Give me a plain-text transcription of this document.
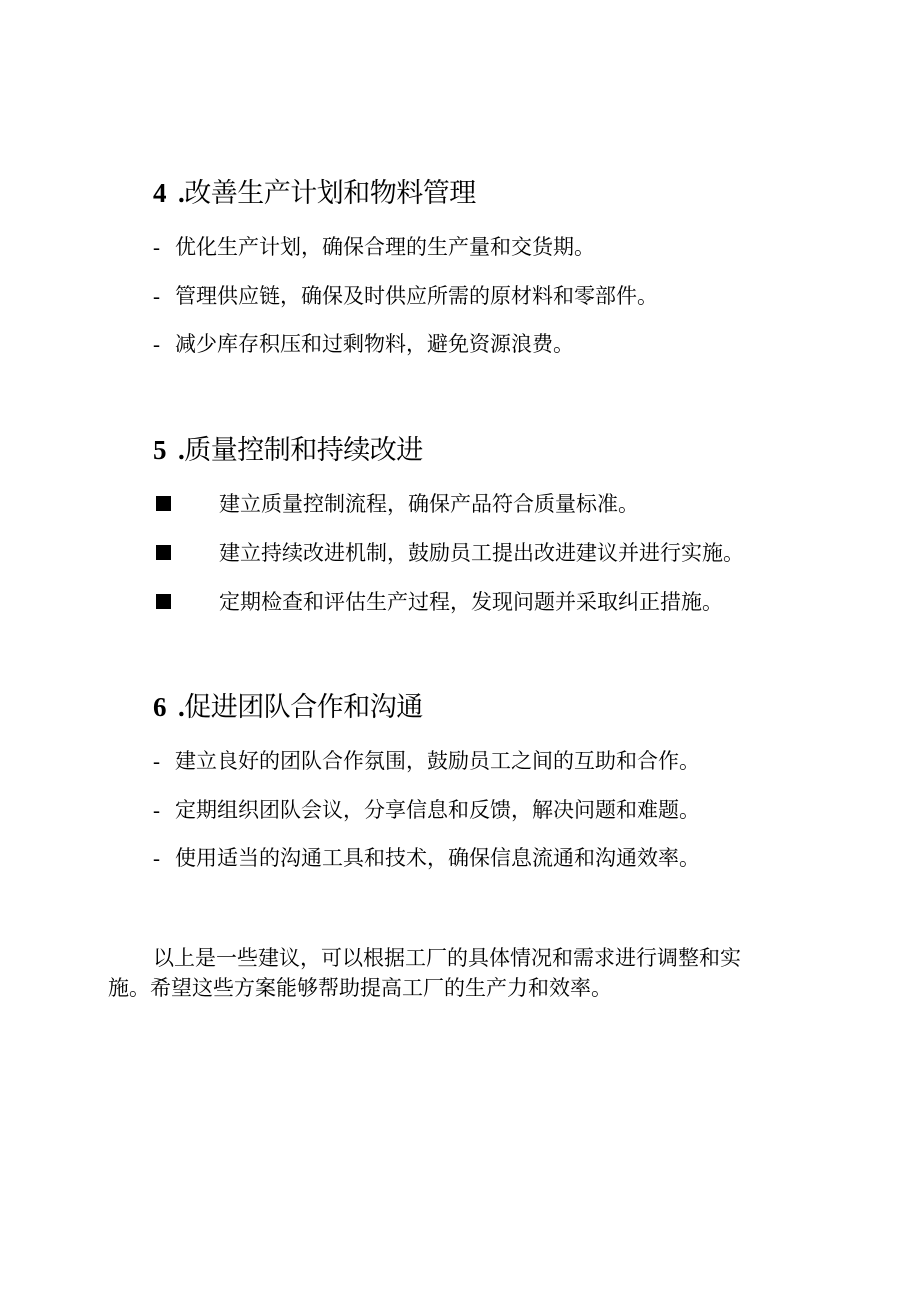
4 .改善生产计划和物料管理
- 优化生产计划，确保合理的生产量和交货期。
- 管理供应链，确保及时供应所需的原材料和零部件。
- 减少库存积压和过剩物料，避免资源浪费。
5 .质量控制和持续改进
建立质量控制流程，确保产品符合质量标准。
建立持续改进机制，鼓励员工提出改进建议并进行实施。
定期检查和评估生产过程，发现问题并采取纠正措施。
6 .促进团队合作和沟通
- 建立良好的团队合作氛围，鼓励员工之间的互助和合作。
- 定期组织团队会议，分享信息和反馈，解决问题和难题。
- 使用适当的沟通工具和技术，确保信息流通和沟通效率。
以上是一些建议，可以根据工厂的具体情况和需求进行调整和实
施。希望这些方案能够帮助提高工厂的生产力和效率。
